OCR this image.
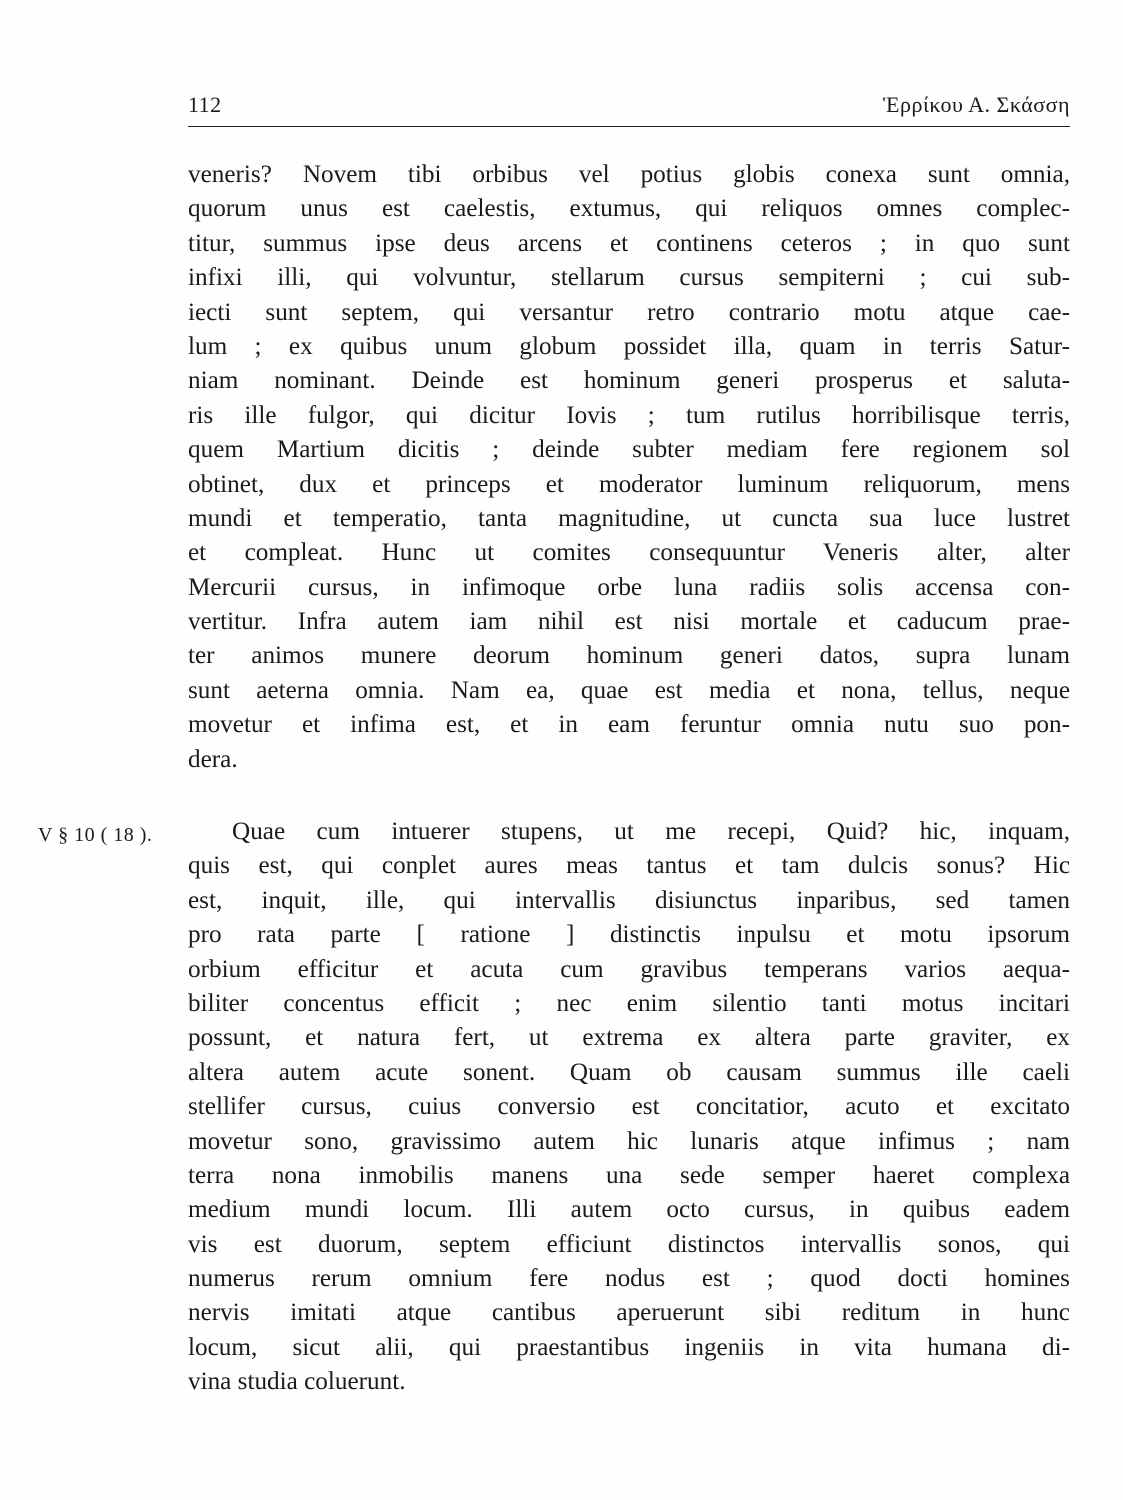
112	Ἑρρίκου Α. Σκάσση
veneris? Novem tibi orbibus vel potius globis conexa sunt omnia,
quorum unus est caelestis, extumus, qui reliquos omnes complec-
titur, summus ipse deus arcens et continens ceteros ; in quo sunt
infixi illi, qui volvuntur, stellarum cursus sempiterni ; cui sub-
iecti sunt septem, qui versantur retro contrario motu atque cae-
lum ; ex quibus unum globum possidet illa, quam in terris Satur-
niam nominant. Deinde est hominum generi prosperus et saluta-
ris ille fulgor, qui dicitur Iovis ; tum rutilus horribilisque terris,
quem Martium dicitis ; deinde subter mediam fere regionem sol
obtinet, dux et princeps et moderator luminum reliquorum, mens
mundi et temperatio, tanta magnitudine, ut cuncta sua luce lustret
et compleat. Hunc ut comites consequuntur Veneris alter, alter
Mercurii cursus, in infimoque orbe luna radiis solis accensa con-
vertitur. Infra autem iam nihil est nisi mortale et caducum prae-
ter animos munere deorum hominum generi datos, supra lunam
sunt aeterna omnia. Nam ea, quae est media et nona, tellus, neque
movetur et infima est, et in eam feruntur omnia nutu suo pon-
dera.
V § 10 ( 18 ).	Quae cum intuerer stupens, ut me recepi, Quid? hic, inquam,
quis est, qui conplet aures meas tantus et tam dulcis sonus? Hic
est, inquit, ille, qui intervallis disiunctus inparibus, sed tamen
pro rata parte [ ratione ] distinctis inpulsu et motu ipsorum
orbium efficitur et acuta cum gravibus temperans varios aequa-
biliter concentus efficit ; nec enim silentio tanti motus incitari
possunt, et natura fert, ut extrema ex altera parte graviter, ex
altera autem acute sonent. Quam ob causam summus ille caeli
stellifer cursus, cuius conversio est concitatior, acuto et excitato
movetur sono, gravissimo autem hic lunaris atque infimus ; nam
terra nona inmobilis manens una sede semper haeret complexa
medium mundi locum. Illi autem octo cursus, in quibus eadem
vis est duorum, septem efficiunt distinctos intervallis sonos, qui
numerus rerum omnium fere nodus est ; quod docti homines
nervis imitati atque cantibus aperuerunt sibi reditum in hunc
locum, sicut alii, qui praestantibus ingeniis in vita humana di-
vina studia coluerunt.
